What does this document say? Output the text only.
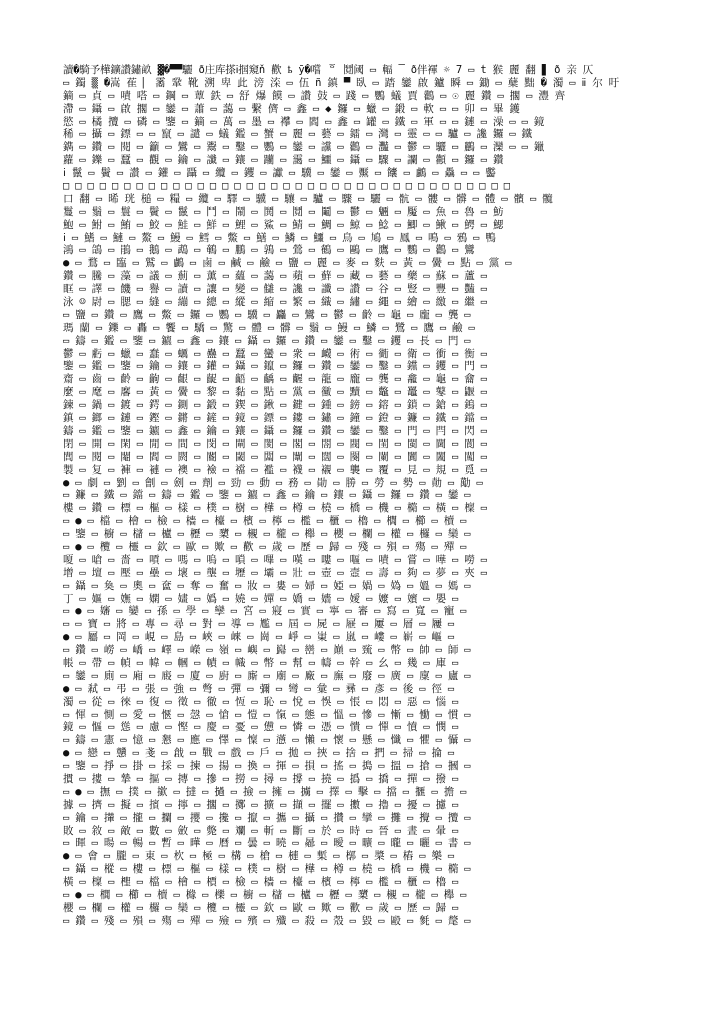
讀�騎予樺鑛讚鏽畝 ▓�▀▀驪 ð庄库搽ⅰ掴窺ň 歡 ҍ ӯ�嚐 ᅙ 鬩阈 ▭ 輻 ▔ ð伴褌 ☼ 7 ▭ ṫ 猴 麗 翻 ▋ ð 亲 仄
▭ 鐲 ▒ �嵩 萑 ▏ 霱 鞏 靴 溯 卑 此 滂 㳿 ▭ 伍 ñ 鎮 ▀ 臥 ▭ 踏 鑾 啟 鑪 瞬 ▭ 鋤 ▭ 蘖 黜 � 濁 ▭ ⅱ 尔 吁
鏑 ▭ 貞 ▭ 嘖 嗒 ▭ 鋼 ▭ 蕈 鉄 ▭ 舒 爆 饃 ▭ 讚 鼓 ▭ 踐 ▭ 鸚 蟻 賈 鸛 ▭ ☉ 麗 鑽 ▭ 擱 ▭ 灃 齊
滯 ▭ 鑷 ▭ 啟 擱 ▭ 鑾 ▭ 蕭 ▭ 藹 ▭ 繫 儕 ▭ 鑫 ▭ ◆ 鑼 ▭ 蠟 ▭ 鍛 ▭ 軟 ▭ ▭ 卯 ▭ 畢 鑊
慾 ▭ 橘 攬 ▭ 磷 ▭ 鑒 ▭ 鏑 ▭ 萬 ▭ 墨 ▭ 襻 ▭ 閻 ▭ 鑫 ▭ 罐 ▭ 鐵 ▭ 軍 ▭ ▭ 鏈 ▭ 澡 ▭ ▭ 鏡
稀 ▭ 攝 ▭ 鏢 ▭ ▭ 竄 ▭ 譴 ▭ 蟻 鑑 ▭ 蟹 ▭ 麗 ▭ 藝 ▭ 鐳 ▭ 灣 ▭ 靈 ▭ ▭ 驢 ▭ 讒 鑼 ▭ 鐵
鐫 ▭ 鑽 ▭ 閱 ▭ 籲 ▭ 鸞 ▭ 鬻 ▭ 鑿 ▭ 鸚 ▭ 鑾 ▭ 讜 ▭ 鸛 ▭ 灩 ▭ 鬱 ▭ 驪 ▭ 鸝 ▭ 灤 ▭ ▭ 鑞
蘿 ▭ 鑠 ▭ 蠶 ▭ 觀 ▭ 鑰 ▭ 讖 ▭ 鑲 ▭ 躪 ▭ 靄 ▭ 鱷 ▭ 鑷 ▭ 驟 ▭ 讕 ▭ 顴 ▭ 鑼 ▭ 鑽
ⅰ 鬣 ▭ 鬢 ▭ 讚 ▭ 鑵 ▭ 躡 ▭ 纜 ▭ 钁 ▭ 讞 ▭ 驥 ▭ 鑾 ▭ 黶 ▭ 饢 ▭ 鸕 ▭ 驫 ▭ ▭ 齾
□ □ □ □ □ □ □ □ □ □ □ □ □ □ □ □ □ □ □ □ □ □ □ □ □ □ □ □ □ □ □ □ □ □ □ □ □
口 翻 ▭ 晞 珖 槌 ▭ 糧 ▭ 纜 ▭ 驛 ▭ 驥 ▭ 驤 ▭ 驢 ▭ 驟 ▭ 驪 ▭ 骯 ▭ 髏 ▭ 髒 ▭ 體 ▭ 髕 ▭ 髖
鬘 ▭ 鬚 ▭ 鬟 ▭ 鬢 ▭ 鬣 ▭ 鬥 ▭ 鬧 ▭ 鬨 ▭ 鬩 ▭ 鬮 ▭ 鬱 ▭ 魎 ▭ 魘 ▭ 魚 ▭ 魯 ▭ 魴
鮑 ▭ 鮒 ▭ 鮪 ▭ 鮫 ▭ 鮭 ▭ 鮮 ▭ 鯉 ▭ 鯊 ▭ 鯖 ▭ 鯛 ▭ 鯨 ▭ 鯰 ▭ 鯽 ▭ 鰍 ▭ 鰐 ▭ 鰓
ⅰ ▭ 鰭 ▭ 鰱 ▭ 鰲 ▭ 鰻 ▭ 鱈 ▭ 鱉 ▭ 鱔 ▭ 鱗 ▭ 鱷 ▭ 鳥 ▭ 鳩 ▭ 鳳 ▭ 鳴 ▭ 鴉 ▭ 鴨
鴻 ▭ 鴿 ▭ 鵑 ▭ 鵝 ▭ 鵡 ▭ 鵪 ▭ 鵬 ▭ 鶉 ▭ 鶯 ▭ 鶴 ▭ 鷗 ▭ 鷹 ▭ 鸚 ▭ 鸛 ▭ 鸞
● ▭ 鶩 ▭ 臨 ▭ 鷲 ▭ 鸕 ▭ 鹵 ▭ 鹹 ▭ 鹼 ▭ 鹽 ▭ 麗 ▭ 麥 ▭ 麩 ▭ 黃 ▭ 黌 ▭ 點 ▭ 黨 ▭
鑽 ▭ 騰 ▭ 藻 ▭ 議 ▭ 薊 ▭ 薰 ▭ 蘊 ▭ 藹 ▭ 蘋 ▭ 蘚 ▭ 藏 ▭ 藝 ▭ 藥 ▭ 蘇 ▭ 蘆 ▭
眶 ▭ 譯 ▭ 饑 ▭ 譽 ▭ 讀 ▭ 讓 ▭ 變 ▭ 讎 ▭ 讒 ▭ 讖 ▭ 讚 ▭ 谷 ▭ 豎 ▭ 豐 ▭ 豔 ▭
泳 ☺ 尉 ▭ 腮 ▭ 縫 ▭ 繃 ▭ 總 ▭ 縱 ▭ 縮 ▭ 繁 ▭ 織 ▭ 繡 ▭ 繩 ▭ 繪 ▭ 繳 ▭ 繼 ▭
▭ 鹽 ▭ 鑽 ▭ 鷹 ▭ 鱉 ▭ 鑼 ▭ 鸚 ▭ 驥 ▭ 麤 ▭ 鸞 ▭ 鬱 ▭ 齡 ▭ 龜 ▭ 龐 ▭ 龔 ▭
瑪 蘭 ▭ 鑠 ▭ 轟 ▭ 饗 ▭ 驕 ▭ 驚 ▭ 體 ▭ 髒 ▭ 鬚 ▭ 鰻 ▭ 鱗 ▭ 鷺 ▭ 鷹 ▭ 鹼 ▭
▭ 鑄 ▭ 鑑 ▭ 鑒 ▭ 鑣 ▭ 鑫 ▭ 鑲 ▭ 鑷 ▭ 鑼 ▭ 鑽 ▭ 鑾 ▭ 鑿 ▭ 钁 ▭ 長 ▭ 門 ▭
鬱 ▭ 虧 ▭ 蠟 ▭ 蠢 ▭ 蠣 ▭ 蠱 ▭ 蠶 ▭ 蠻 ▭ 衆 ▭ 衊 ▭ 術 ▭ 衚 ▭ 衛 ▭ 衝 ▭ 衡 ▭
鑒 ▭ 鑑 ▭ 鑒 ▭ 鑰 ▭ 鑲 ▭ 鑵 ▭ 鑷 ▭ 鑹 ▭ 鑼 ▭ 鑽 ▭ 鑾 ▭ 鑿 ▭ 钂 ▭ 钁 ▭ 門 ▭
齋 ▭ 齒 ▭ 齡 ▭ 齣 ▭ 齦 ▭ 齪 ▭ 齬 ▭ 齲 ▭ 齷 ▭ 龍 ▭ 龐 ▭ 龔 ▭ 龕 ▭ 龜 ▭ 龠 ▭
麼 ▭ 麾 ▭ 黁 ▭ 黃 ▭ 黌 ▭ 黎 ▭ 黏 ▭ 點 ▭ 黨 ▭ 黴 ▭ 黷 ▭ 鼈 ▭ 鼉 ▭ 鼕 ▭ 鼴 ▭
鍊 ▭ 鍋 ▭ 鍍 ▭ 鍔 ▭ 鍘 ▭ 鍛 ▭ 鍥 ▭ 鍬 ▭ 鍵 ▭ 鍾 ▭ 鎊 ▭ 鎔 ▭ 鎖 ▭ 鎗 ▭ 鎢 ▭
鎮 ▭ 鎯 ▭ 鏈 ▭ 鏗 ▭ 鏘 ▭ 鏟 ▭ 鏡 ▭ 鏢 ▭ 鏤 ▭ 鏽 ▭ 鐘 ▭ 鐙 ▭ 鐮 ▭ 鐵 ▭ 鐺 ▭
鑄 ▭ 鑑 ▭ 鑒 ▭ 鑣 ▭ 鑫 ▭ 鑰 ▭ 鑲 ▭ 鑷 ▭ 鑼 ▭ 鑽 ▭ 鑾 ▭ 鑿 ▭ 門 ▭ 閂 ▭ 閃 ▭
閉 ▭ 開 ▭ 閑 ▭ 閒 ▭ 間 ▭ 閔 ▭ 閘 ▭ 閡 ▭ 閣 ▭ 閤 ▭ 閥 ▭ 閨 ▭ 閩 ▭ 閫 ▭ 閬 ▭
閭 ▭ 閱 ▭ 閹 ▭ 閻 ▭ 閼 ▭ 閽 ▭ 閾 ▭ 闆 ▭ 闈 ▭ 闊 ▭ 闋 ▭ 闌 ▭ 闐 ▭ 闔 ▭ 闖 ▭
製 ▭ 复 ▭ 褲 ▭ 褳 ▭ 襖 ▭ 襝 ▭ 襠 ▭ 襤 ▭ 襪 ▭ 襯 ▭ 襲 ▭ 覆 ▭ 見 ▭ 規 ▭ 覓 ▭
● ▭ 劇 ▭ 劉 ▭ 劊 ▭ 劍 ▭ 劑 ▭ 勁 ▭ 動 ▭ 務 ▭ 勛 ▭ 勝 ▭ 勞 ▭ 勢 ▭ 勣 ▭ 勱 ▭
▭ 鐮 ▭ 鐵 ▭ 鐺 ▭ 鑄 ▭ 鑑 ▭ 鑒 ▭ 鑣 ▭ 鑫 ▭ 鑰 ▭ 鑲 ▭ 鑷 ▭ 鑼 ▭ 鑽 ▭ 鑾 ▭
樓 ▭ 鑽 ▭ 標 ▭ 樞 ▭ 樣 ▭ 樸 ▭ 樹 ▭ 樺 ▭ 樽 ▭ 橈 ▭ 橋 ▭ 機 ▭ 橢 ▭ 橫 ▭ 檁 ▭
▭ ● ▭ 檔 ▭ 檜 ▭ 檢 ▭ 檣 ▭ 檯 ▭ 檳 ▭ 檸 ▭ 檻 ▭ 櫃 ▭ 櫓 ▭ 櫚 ▭ 櫛 ▭ 櫝 ▭
▭ 鑒 ▭ 櫥 ▭ 櫧 ▭ 櫨 ▭ 櫪 ▭ 櫫 ▭ 櫬 ▭ 櫳 ▭ 櫸 ▭ 櫻 ▭ 欄 ▭ 權 ▭ 欏 ▭ 欒 ▭
▭ ● ▭ 欖 ▭ 欞 ▭ 欽 ▭ 歐 ▭ 歟 ▭ 歡 ▭ 歲 ▭ 歷 ▭ 歸 ▭ 殘 ▭ 殞 ▭ 殤 ▭ 殫 ▭
嗄 ▭ 嗆 ▭ 嗇 ▭ 嗊 ▭ 嗎 ▭ 嗚 ▭ 嗩 ▭ 嗶 ▭ 嘆 ▭ 嘍 ▭ 嘔 ▭ 嘖 ▭ 嘗 ▭ 嘩 ▭ 嘮 ▭
增 ▭ 壇 ▭ 壓 ▭ 壘 ▭ 壞 ▭ 壟 ▭ 壢 ▭ 壩 ▭ 壯 ▭ 壺 ▭ 壼 ▭ 壽 ▭ 夠 ▭ 夢 ▭ 夾 ▭
▭ 鑷 ▭ 奐 ▭ 奧 ▭ 奩 ▭ 奪 ▭ 奮 ▭ 妝 ▭ 婁 ▭ 婦 ▭ 婭 ▭ 媧 ▭ 媯 ▭ 媼 ▭ 媽 ▭
丁 ▭ 嫗 ▭ 嫵 ▭ 嫻 ▭ 嫿 ▭ 嬀 ▭ 嬈 ▭ 嬋 ▭ 嬌 ▭ 嬙 ▭ 嬡 ▭ 嬤 ▭ 嬪 ▭ 嬰 ▭
▭ ● ▭ 嬸 ▭ 孌 ▭ 孫 ▭ 學 ▭ 孿 ▭ 宮 ▭ 寢 ▭ 實 ▭ 寧 ▭ 審 ▭ 寫 ▭ 寬 ▭ 寵 ▭
▭ ▭ 寶 ▭ 將 ▭ 專 ▭ 尋 ▭ 對 ▭ 導 ▭ 尷 ▭ 屆 ▭ 屍 ▭ 屜 ▭ 屢 ▭ 層 ▭ 屨 ▭
● ▭ 屬 ▭ 岡 ▭ 峴 ▭ 島 ▭ 峽 ▭ 崍 ▭ 崗 ▭ 崢 ▭ 崬 ▭ 嵐 ▭ 嶁 ▭ 嶄 ▭ 嶇 ▭
▭ 鑽 ▭ 嶗 ▭ 嶠 ▭ 嶧 ▭ 嶸 ▭ 嶺 ▭ 嶼 ▭ 巋 ▭ 巒 ▭ 巔 ▭ 巰 ▭ 幣 ▭ 帥 ▭ 師 ▭
帳 ▭ 帶 ▭ 幀 ▭ 幃 ▭ 幗 ▭ 幘 ▭ 幟 ▭ 幣 ▭ 幫 ▭ 幬 ▭ 幹 ▭ 幺 ▭ 幾 ▭ 庫 ▭
▭ 鑾 ▭ 廁 ▭ 廂 ▭ 廄 ▭ 廈 ▭ 廚 ▭ 廝 ▭ 廟 ▭ 廠 ▭ 廡 ▭ 廢 ▭ 廣 ▭ 廩 ▭ 廬 ▭
● ▭ 弒 ▭ 弔 ▭ 張 ▭ 強 ▭ 彆 ▭ 彈 ▭ 彌 ▭ 彎 ▭ 彙 ▭ 彞 ▭ 彥 ▭ 後 ▭ 徑 ▭
濁 ▭ 從 ▭ 徠 ▭ 復 ▭ 徵 ▭ 徹 ▭ 恆 ▭ 恥 ▭ 悅 ▭ 悞 ▭ 悵 ▭ 悶 ▭ 惡 ▭ 惱 ▭
▭ 惲 ▭ 惻 ▭ 愛 ▭ 愜 ▭ 愨 ▭ 愴 ▭ 愷 ▭ 愾 ▭ 態 ▭ 慍 ▭ 慘 ▭ 慚 ▭ 慟 ▭ 慣 ▭
鏡 ▭ 慪 ▭ 慫 ▭ 慮 ▭ 慳 ▭ 慶 ▭ 憂 ▭ 憊 ▭ 憐 ▭ 憑 ▭ 憒 ▭ 憚 ▭ 憤 ▭ 憫 ▭
▭ 鑄 ▭ 憲 ▭ 憶 ▭ 懇 ▭ 應 ▭ 懌 ▭ 懍 ▭ 懣 ▭ 懶 ▭ 懷 ▭ 懸 ▭ 懺 ▭ 懼 ▭ 懾 ▭
● ▭ 戀 ▭ 戇 ▭ 戔 ▭ 戧 ▭ 戰 ▭ 戲 ▭ 戶 ▭ 拋 ▭ 挾 ▭ 捨 ▭ 捫 ▭ 掃 ▭ 掄 ▭
▭ 鑒 ▭ 掙 ▭ 掛 ▭ 採 ▭ 揀 ▭ 揚 ▭ 換 ▭ 揮 ▭ 損 ▭ 搖 ▭ 搗 ▭ 搵 ▭ 搶 ▭ 摑 ▭
摜 ▭ 摟 ▭ 摯 ▭ 摳 ▭ 摶 ▭ 摻 ▭ 撈 ▭ 撏 ▭ 撐 ▭ 撓 ▭ 撝 ▭ 撟 ▭ 撣 ▭ 撥 ▭
▭ ● ▭ 撫 ▭ 撲 ▭ 撳 ▭ 撻 ▭ 撾 ▭ 撿 ▭ 擁 ▭ 擄 ▭ 擇 ▭ 擊 ▭ 擋 ▭ 擓 ▭ 擔 ▭
據 ▭ 擠 ▭ 擬 ▭ 擯 ▭ 擰 ▭ 擱 ▭ 擲 ▭ 擴 ▭ 擷 ▭ 擺 ▭ 擻 ▭ 擼 ▭ 擾 ▭ 攄 ▭
▭ 鑰 ▭ 攆 ▭ 攏 ▭ 攔 ▭ 攖 ▭ 攙 ▭ 攛 ▭ 攜 ▭ 攝 ▭ 攢 ▭ 攣 ▭ 攤 ▭ 攪 ▭ 攬 ▭
敗 ▭ 敘 ▭ 敵 ▭ 數 ▭ 斂 ▭ 斃 ▭ 斕 ▭ 斬 ▭ 斷 ▭ 於 ▭ 時 ▭ 晉 ▭ 晝 ▭ 暈 ▭
▭ 暉 ▭ 暘 ▭ 暢 ▭ 暫 ▭ 曄 ▭ 曆 ▭ 曇 ▭ 曉 ▭ 曏 ▭ 曖 ▭ 曠 ▭ 曨 ▭ 曬 ▭ 書 ▭
● ▭ 會 ▭ 朧 ▭ 東 ▭ 杴 ▭ 極 ▭ 構 ▭ 槍 ▭ 槤 ▭ 槧 ▭ 槨 ▭ 槳 ▭ 樁 ▭ 樂 ▭
▭ 鑷 ▭ 樅 ▭ 樓 ▭ 標 ▭ 樞 ▭ 樣 ▭ 樸 ▭ 樹 ▭ 樺 ▭ 樽 ▭ 橈 ▭ 橋 ▭ 機 ▭ 橢 ▭
橫 ▭ 檁 ▭ 檉 ▭ 檔 ▭ 檜 ▭ 檟 ▭ 檢 ▭ 檣 ▭ 檯 ▭ 檳 ▭ 檸 ▭ 檻 ▭ 櫃 ▭ 櫓 ▭
▭ ● ▭ 櫚 ▭ 櫛 ▭ 櫝 ▭ 櫞 ▭ 櫟 ▭ 櫥 ▭ 櫧 ▭ 櫨 ▭ 櫪 ▭ 櫫 ▭ 櫬 ▭ 櫳 ▭ 櫸 ▭
櫻 ▭ 欄 ▭ 權 ▭ 欏 ▭ 欒 ▭ 欖 ▭ 欞 ▭ 欽 ▭ 歐 ▭ 歟 ▭ 歡 ▭ 歲 ▭ 歷 ▭ 歸 ▭
▭ 鑽 ▭ 殘 ▭ 殞 ▭ 殤 ▭ 殫 ▭ 殮 ▭ 殯 ▭ 殲 ▭ 殺 ▭ 殼 ▭ 毀 ▭ 毆 ▭ 毿 ▭ 氂 ▭
